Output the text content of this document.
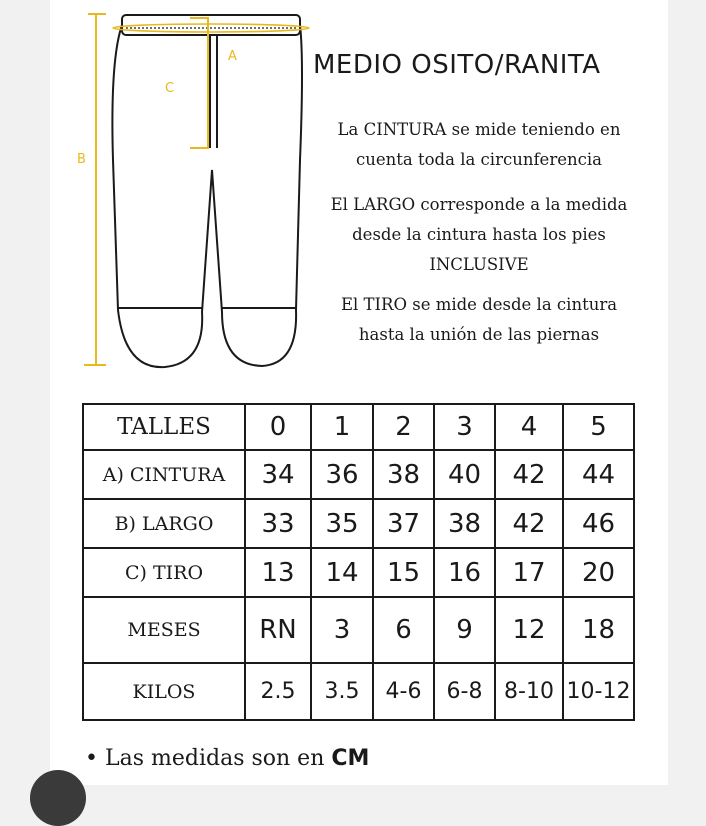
B
C
A	MEDIO OSITO/RANITA
La CINTURA se mide teniendo en
cuenta toda la circunferencia
El LARGO corresponde a la medida
desde la cintura hasta los pies
INCLUSIVE
El TIRO se mide desde la cintura
hasta la unión de las piernas
TALLES	0	1	2	3	4	5
A) CINTURA	34	36	38	40	42	44
B) LARGO	33	35	37	38	42	46
C) TIRO	13	14	15	16	17	20
MESES	RN	3	6	9	12	18
KILOS	2.5	3.5	4-6	6-8	8-10	10-12
• Las medidas son en CM
